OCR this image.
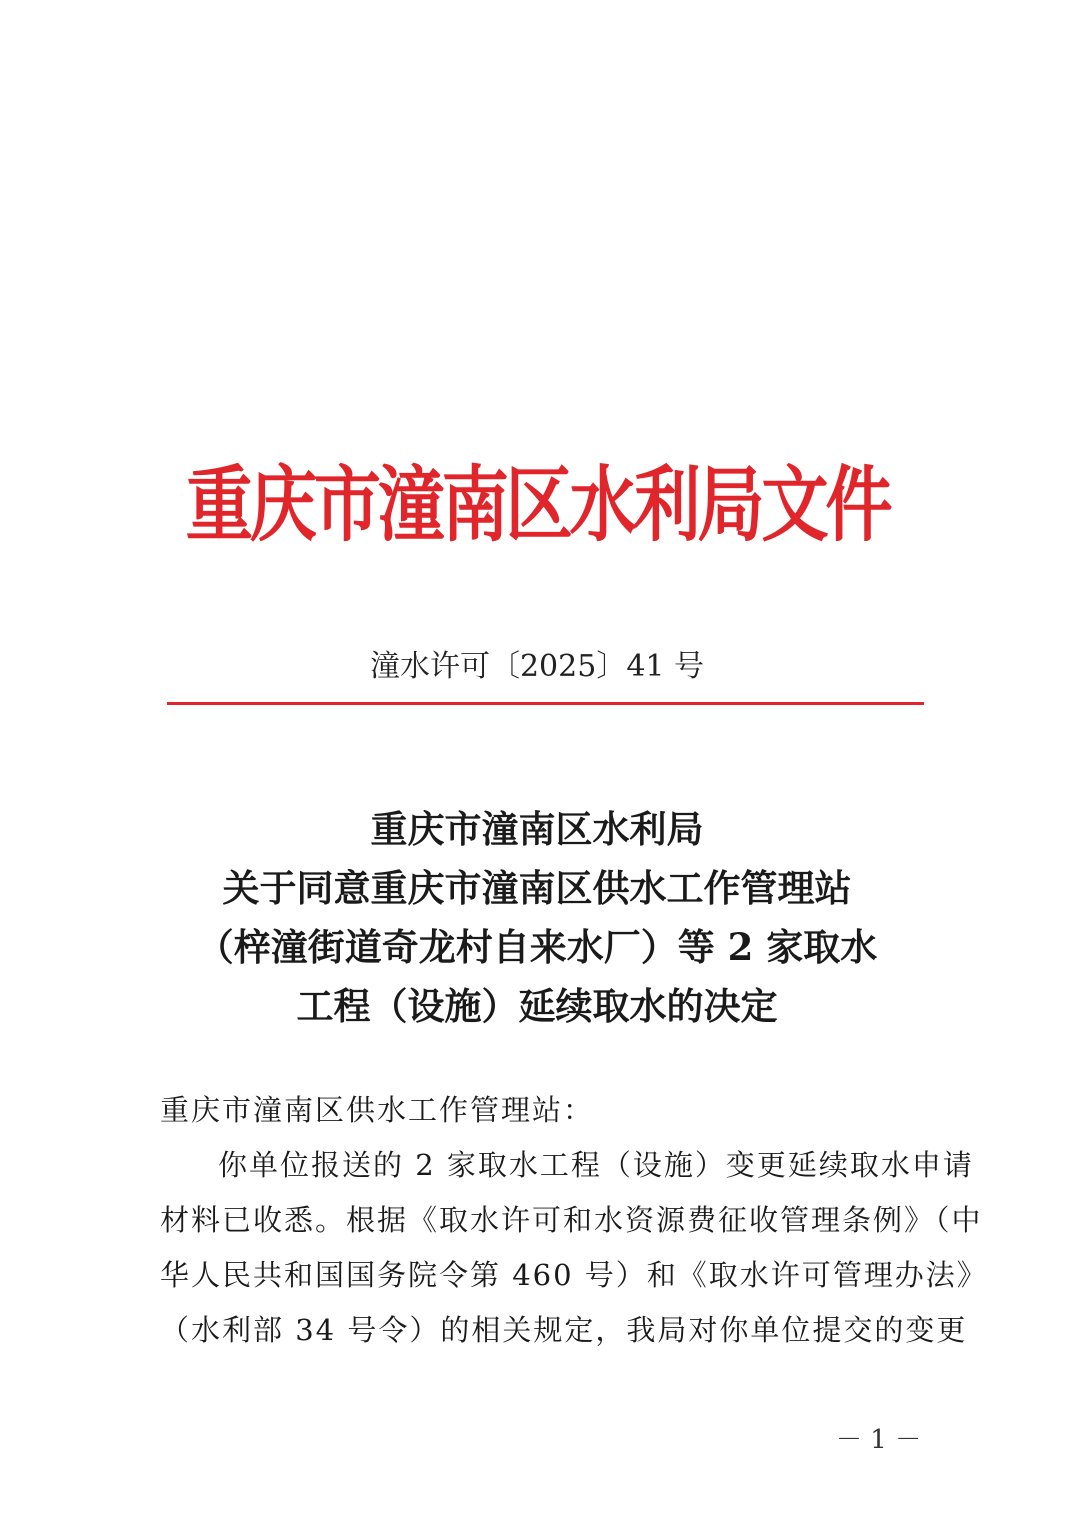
重庆市潼南区水利局文件
潼水许可〔2025〕41 号
重庆市潼南区水利局
关于同意重庆市潼南区供水工作管理站
（梓潼街道奇龙村自来水厂）等 2 家取水
工程（设施）延续取水的决定
重庆市潼南区供水工作管理站：
你单位报送的 2 家取水工程（设施）变更延续取水申请
材料已收悉。根据《取水许可和水资源费征收管理条例》（中
华人民共和国国务院令第 460 号）和《取水许可管理办法》
（水利部 34 号令）的相关规定，我局对你单位提交的变更
－ 1 －
